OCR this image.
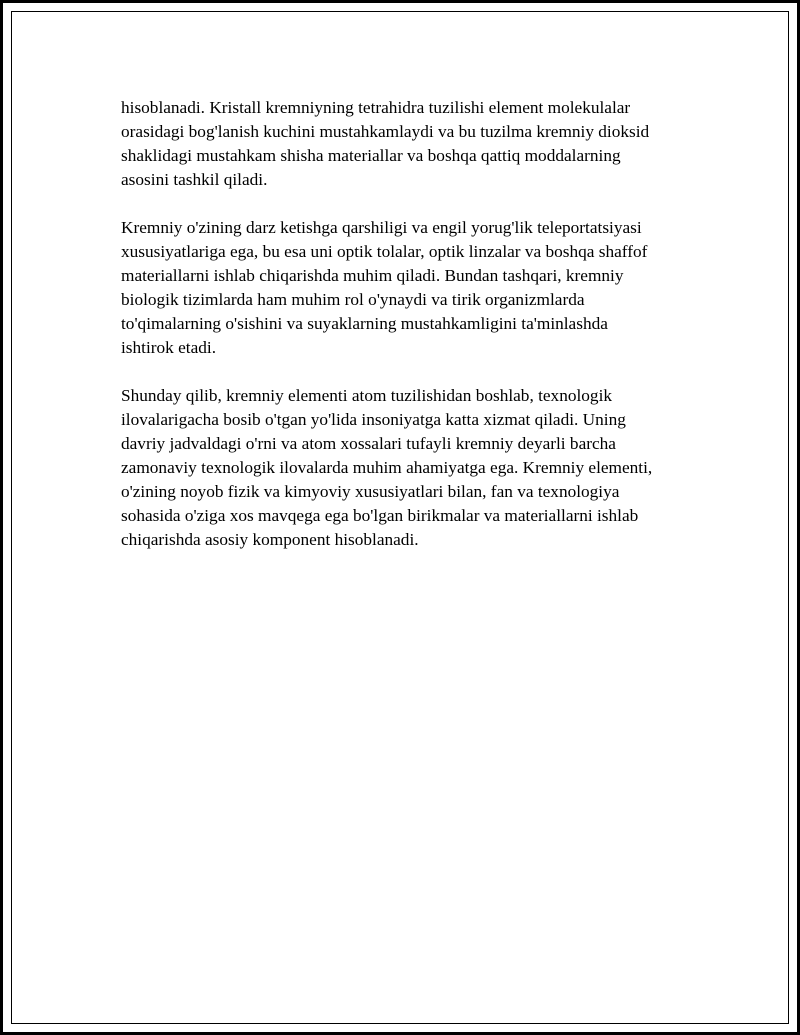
hisoblanadi. Kristall kremniyning tetrahidra tuzilishi element molekulalar
orasidagi bog'lanish kuchini mustahkamlaydi va bu tuzilma kremniy dioksid
shaklidagi mustahkam shisha materiallar va boshqa qattiq moddalarning
asosini tashkil qiladi.

Kremniy o'zining darz ketishga qarshiligi va engil yorug'lik teleportatsiyasi
xususiyatlariga ega, bu esa uni optik tolalar, optik linzalar va boshqa shaffof
materiallarni ishlab chiqarishda muhim qiladi. Bundan tashqari, kremniy
biologik tizimlarda ham muhim rol o'ynaydi va tirik organizmlarda
to'qimalarning o'sishini va suyaklarning mustahkamligini ta'minlashda
ishtirok etadi.

Shunday qilib, kremniy elementi atom tuzilishidan boshlab, texnologik
ilovalarigacha bosib o'tgan yo'lida insoniyatga katta xizmat qiladi. Uning
davriy jadvaldagi o'rni va atom xossalari tufayli kremniy deyarli barcha
zamonaviy texnologik ilovalarda muhim ahamiyatga ega. Kremniy elementi,
o'zining noyob fizik va kimyoviy xususiyatlari bilan, fan va texnologiya
sohasida o'ziga xos mavqega ega bo'lgan birikmalar va materiallarni ishlab
chiqarishda asosiy komponent hisoblanadi.
